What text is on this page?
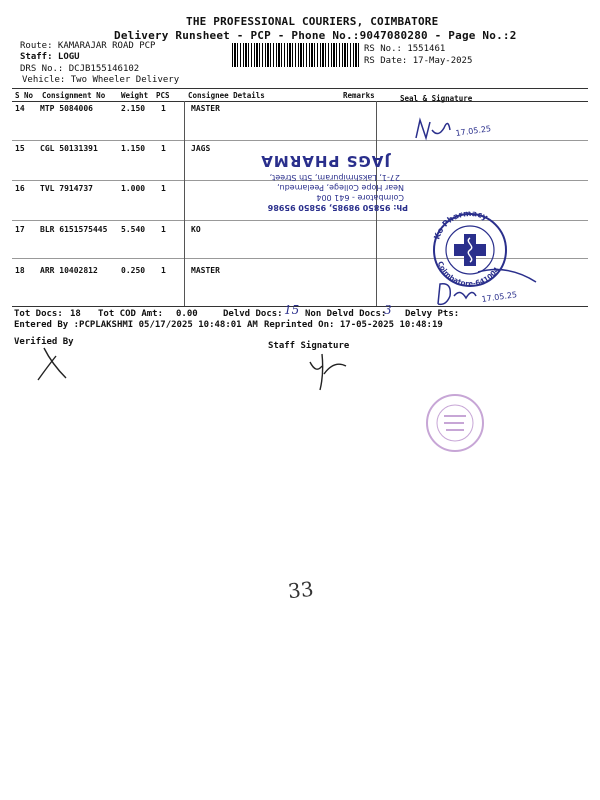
THE PROFESSIONAL COURIERS, COIMBATORE
Delivery Runsheet - PCP - Phone No.:9047080280 - Page No.:2
Route: KAMARAJAR ROAD PCP
Staff: LOGU
DRS No.: DCJB155146102
Vehicle: Two Wheeler Delivery
RS No.: 1551461
RS Date: 17-May-2025
S No Consignment No Weight PCS Consignee Details	Remarks	Seal & Signature
14 MTP 5084006	2.150 1	MASTER
15 CGL 50131391	1.150 1	JAGS
16 TVL 7914737	1.000 1
17 BLR 6151575445 5.540 1	KO
18 ARR 10402812	0.250 1	MASTER
Ph: 95850 98985, 95850 95986
Coimbatore - 641 004
Near Hope College, Peelamedu,
27-1, Lakshmipuram, 5th Street,
JAGS PHARMA
Ko Pharmacy
Coimbatore-641004
17.05.25
17.05.25
Tot Docs: 18 Tot COD Amt: 0.00	Delvd Docs: 15 Non Delvd Docs:
3 Delvy Pts:
Entered By :PCPLAKSHMI 05/17/2025 10:48:01 AM Reprinted On: 17-05-2025 10:48:19
Verified By	Staff Signature
33
